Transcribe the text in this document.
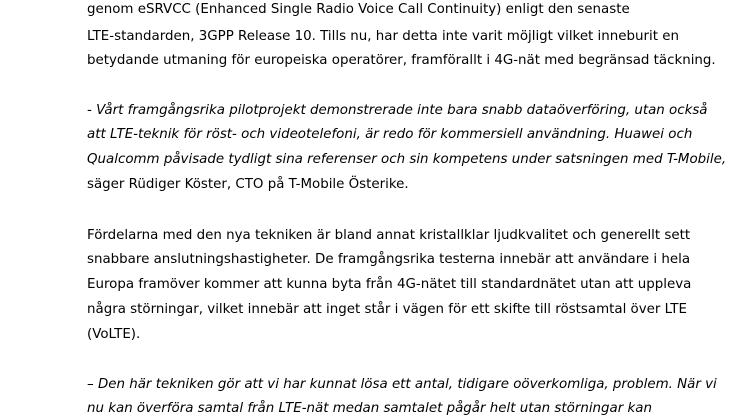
genom eSRVCC (Enhanced Single Radio Voice Call Continuity) enligt den senaste
LTE-standarden, 3GPP Release 10. Tills nu, har detta inte varit möjligt vilket inneburit en
betydande utmaning för europeiska operatörer, framförallt i 4G-nät med begränsad täckning.
- Vårt framgångsrika pilotprojekt demonstrerade inte bara snabb dataöverföring, utan också
att LTE-teknik för röst- och videotelefoni, är redo för kommersiell användning. Huawei och
Qualcomm påvisade tydligt sina referenser och sin kompetens under satsningen med T-Mobile,
säger Rüdiger Köster, CTO på T-Mobile Österike.
Fördelarna med den nya tekniken är bland annat kristallklar ljudkvalitet och generellt sett
snabbare anslutningshastigheter. De framgångsrika testerna innebär att användare i hela
Europa framöver kommer att kunna byta från 4G-nätet till standardnätet utan att uppleva
några störningar, vilket innebär att inget står i vägen för ett skifte till röstsamtal över LTE
(VoLTE).
– Den här tekniken gör att vi har kunnat lösa ett antal, tidigare oöverkomliga, problem. När vi
nu kan överföra samtal från LTE-nät medan samtalet pågår helt utan störningar kan
